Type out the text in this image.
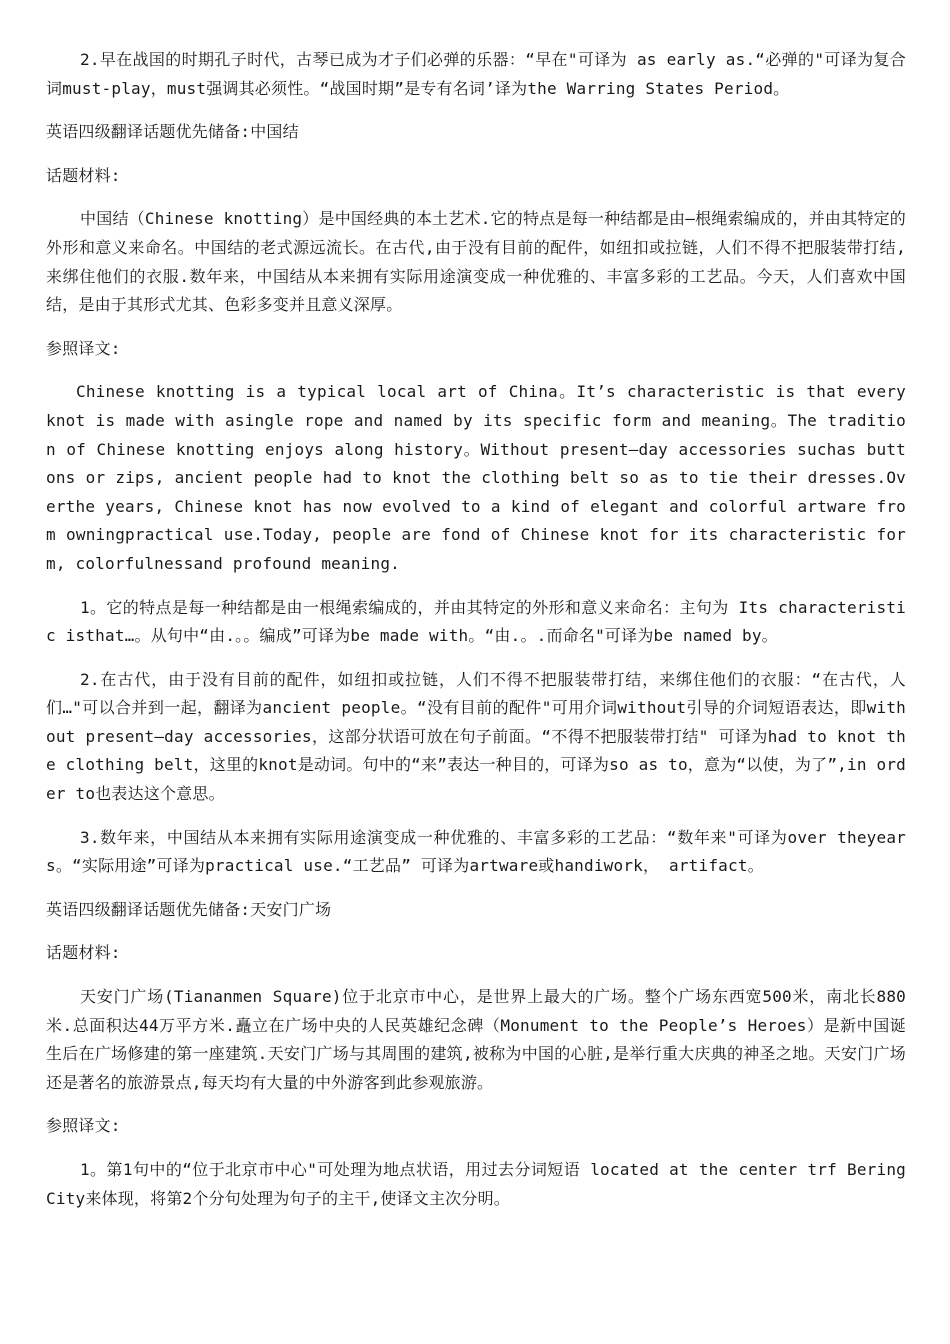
2.早在战国的时期孔子时代，古琴已成为才子们必弹的乐器：“早在"可译为 as early as.“必弹的"可译为复合词must-play，must强调其必须性。“战国时期”是专有名词’译为the Warring States Period。

英语四级翻译话题优先储备:中国结

话题材料:

中国结（Chinese knotting）是中国经典的本土艺术.它的特点是每一种结都是由—根绳索编成的，并由其特定的外形和意义来命名。中国结的老式源远流长。在古代,由于没有目前的配件，如纽扣或拉链，人们不得不把服装带打结,来绑住他们的衣服.数年来，中国结从本来拥有实际用途演变成一种优雅的、丰富多彩的工艺品。今天，人们喜欢中国结，是由于其形式尤其、色彩多变并且意义深厚。

参照译文:

Chinese knotting is a typical local art of China。It’s characteristic is that every knot is made with asingle rope and named by its specific form and meaning。The tradition of Chinese knotting enjoys along history。Without present—day accessories suchas buttons or zips, ancient people had to knot the clothing belt so as to tie their dresses.Overthe years, Chinese knot has now evolved to a kind of elegant and colorful artware from owningpractical use.Today, people are fond of Chinese knot for its characteristic form, colorfulnessand profound meaning.

1。它的特点是每一种结都是由一根绳索编成的，并由其特定的外形和意义来命名：主句为 Its characteristic isthat…。从句中“由.。。编成”可译为be made with。“由.。.而命名"可译为be named by。

2.在古代，由于没有目前的配件，如纽扣或拉链，人们不得不把服装带打结，来绑住他们的衣服：“在古代，人们…"可以合并到一起，翻译为ancient people。“没有目前的配件"可用介词without引导的介词短语表达，即without present—day accessories，这部分状语可放在句子前面。“不得不把服装带打结" 可译为had to knot the clothing belt，这里的knot是动词。句中的“来”表达一种目的，可译为so as to，意为“以使，为了”,in order to也表达这个意思。

3.数年来，中国结从本来拥有实际用途演变成一种优雅的、丰富多彩的工艺品：“数年来"可译为over theyears。“实际用途”可译为practical use.“工艺品” 可译为artware或handiwork， artifact。

英语四级翻译话题优先储备:天安门广场

话题材料:

天安门广场(Tiananmen Square)位于北京市中心，是世界上最大的广场。整个广场东西宽500米，南北长880米.总面积达44万平方米.矗立在广场中央的人民英雄纪念碑（Monument to the People’s Heroes）是新中国诞生后在广场修建的第一座建筑.天安门广场与其周围的建筑,被称为中国的心脏,是举行重大庆典的神圣之地。天安门广场还是著名的旅游景点,每天均有大量的中外游客到此参观旅游。

参照译文:

1。第1句中的“位于北京市中心"可处理为地点状语，用过去分词短语 located at the center trf Bering City来体现，将第2个分句处理为句子的主干,使译文主次分明。
